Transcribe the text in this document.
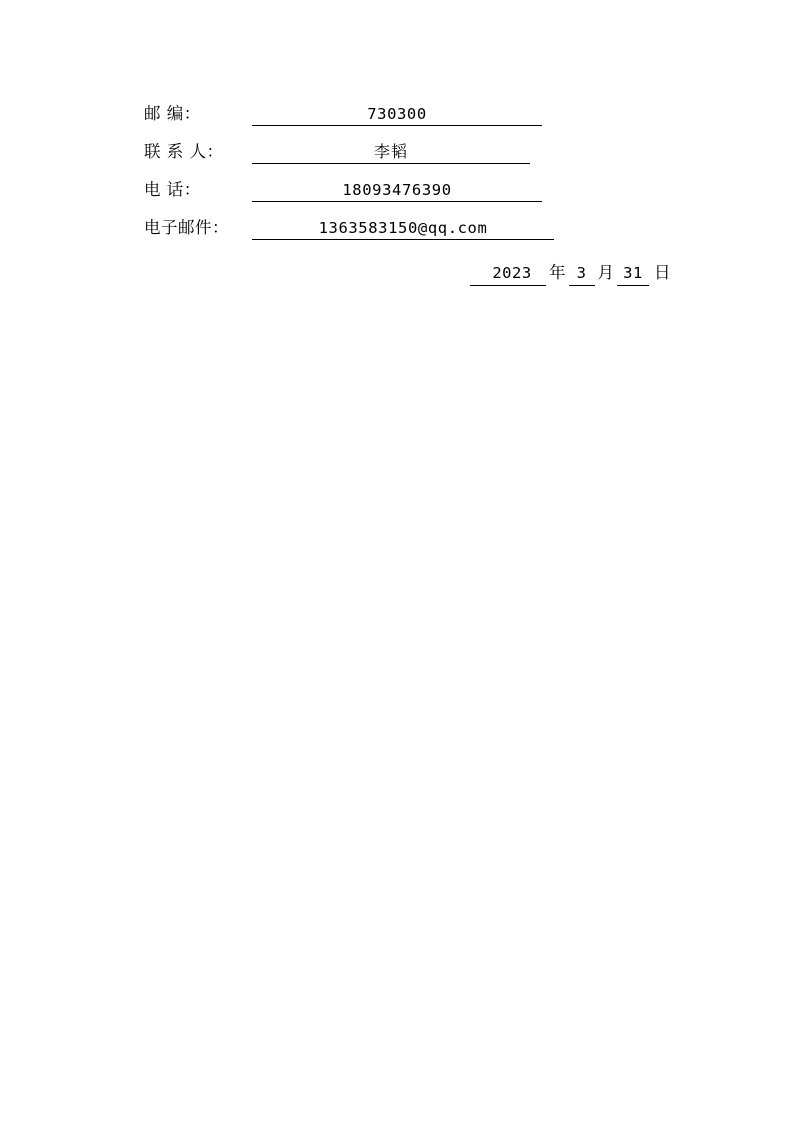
邮 编：	730300
联 系 人：	李韬
电 话：	18093476390
电子邮件：	1363583150@qq.com
2023	年 3 月 31 日
